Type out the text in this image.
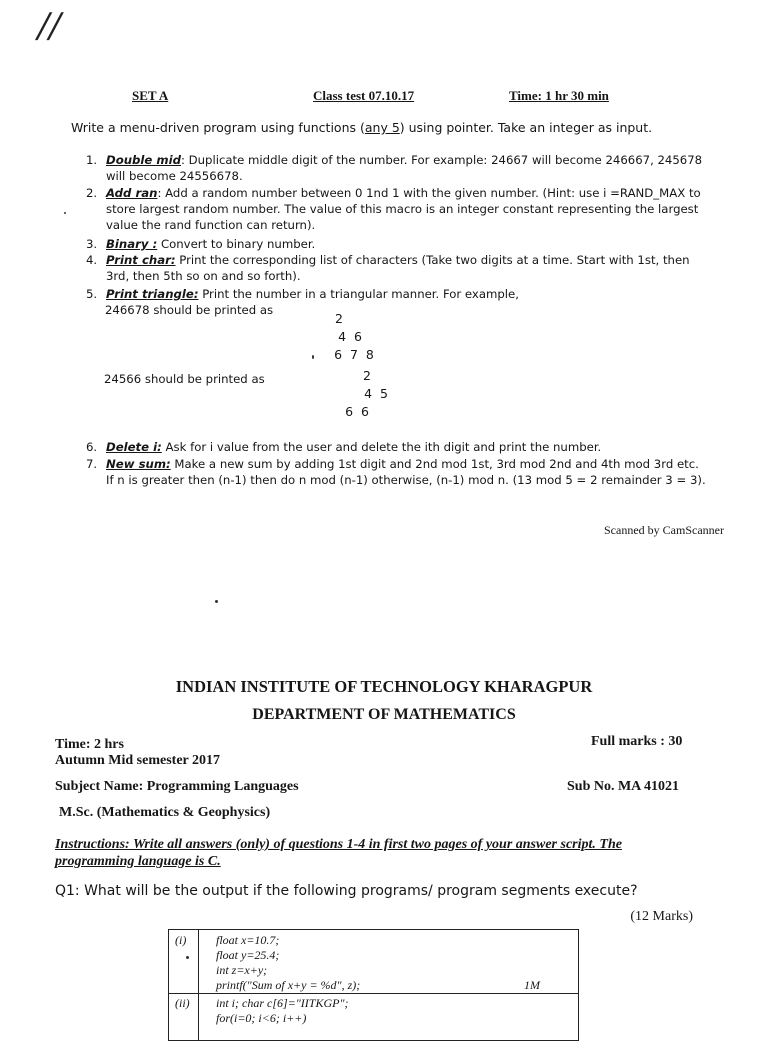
//
SET A	Class test 07.10.17	Time: 1 hr 30 min
Write a menu-driven program using functions (any 5) using pointer. Take an integer as input.
1. Double mid: Duplicate middle digit of the number. For example: 24667 will become 246667, 245678 will become 24556678.
2. Add ran: Add a random number between 0 1nd 1 with the given number. (Hint: use i =RAND_MAX to store largest random number. The value of this macro is an integer constant representing the largest value the rand function can return).
3. Binary : Convert to binary number.
4. Print char: Print the corresponding list of characters (Take two digits at a time. Start with 1st, then 3rd, then 5th so on and so forth).
5. Print triangle: Print the number in a triangular manner. For example,
246678 should be printed as
2
4  6
6  7  8
24566 should be printed as	2
4  5
6  6
6. Delete i: Ask for i value from the user and delete the ith digit and print the number.
7. New sum: Make a new sum by adding 1st digit and 2nd mod 1st, 3rd mod 2nd and 4th mod 3rd etc. If n is greater then (n-1) then do n mod (n-1) otherwise, (n-1) mod n. (13 mod 5 = 2 remainder 3 = 3).
Scanned by CamScanner
INDIAN INSTITUTE OF TECHNOLOGY KHARAGPUR
DEPARTMENT OF MATHEMATICS
Time: 2 hrs
Autumn Mid semester 2017
Full marks : 30
Subject Name: Programming Languages	Sub No. MA 41021
M.Sc. (Mathematics & Geophysics)
Instructions: Write all answers (only) of questions 1-4 in first two pages of your answer script. The programming language is C.
Q1: What will be the output if the following programs/ program segments execute?
(12 Marks)
(i) float x=10.7;
float y=25.4;
int z=x+y;
printf("Sum of x+y = %d", z);	1M
(ii) int i; char c[6]="IITKGP";
for(i=0; i<6; i++)
